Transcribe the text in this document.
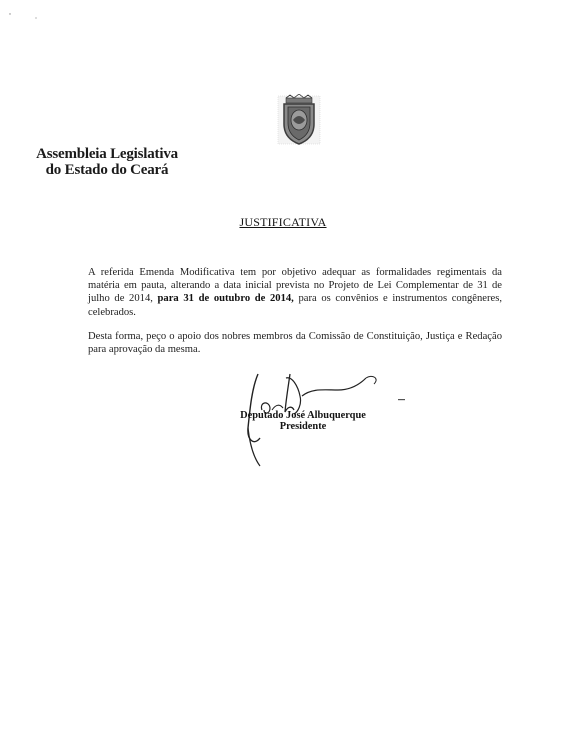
Assembleia Legislativa
do Estado do Ceará
JUSTIFICATIVA

A referida Emenda Modificativa tem por objetivo adequar as formalidades regimentais da matéria em pauta, alterando a data inicial prevista no Projeto de Lei Complementar de 31 de julho de 2014, para 31 de outubro de 2014, para os convênios e instrumentos congêneres, celebrados.

Desta forma, peço o apoio dos nobres membros da Comissão de Constituição, Justiça e Redação para aprovação da mesma.

Deputado José Albuquerque
Presidente
